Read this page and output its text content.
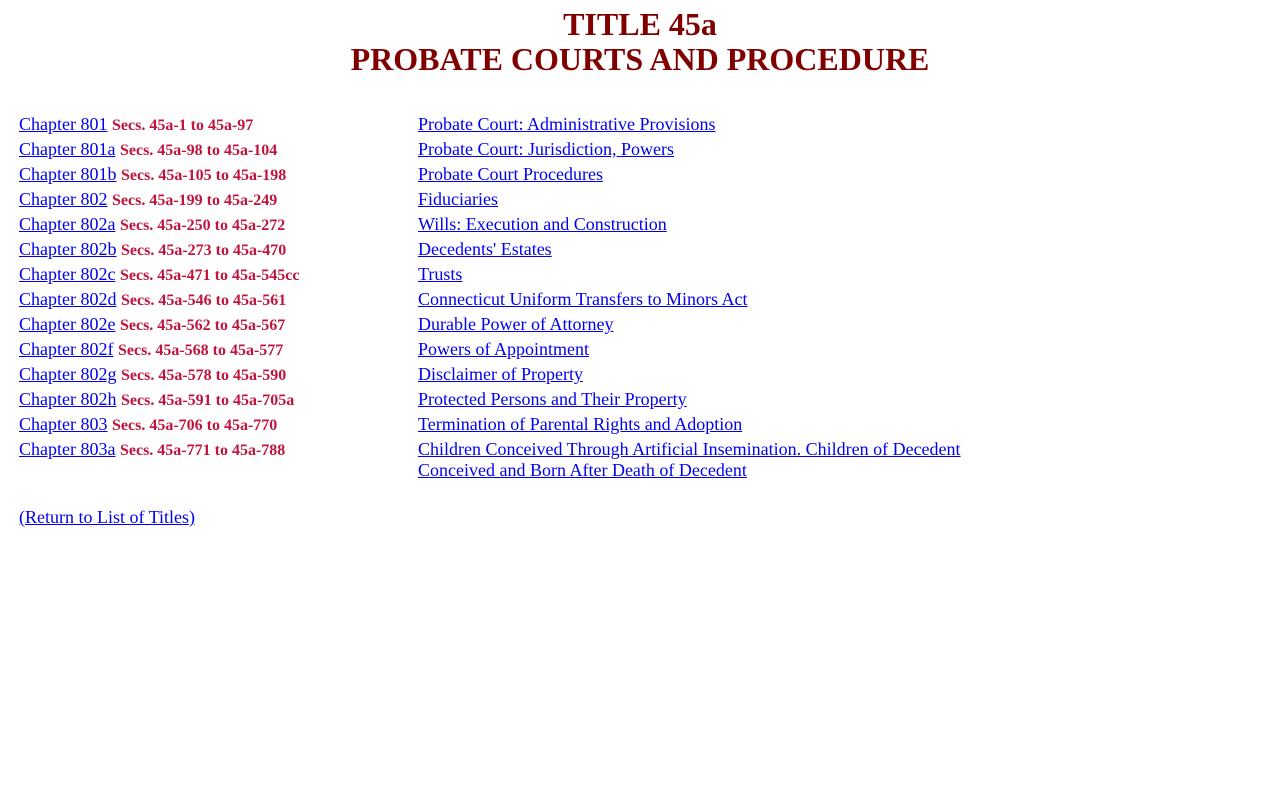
TITLE 45a
PROBATE COURTS AND PROCEDURE
Chapter 801 Secs. 45a-1 to 45a-97	Probate Court: Administrative Provisions
Chapter 801a Secs. 45a-98 to 45a-104	Probate Court: Jurisdiction, Powers
Chapter 801b Secs. 45a-105 to 45a-198	Probate Court Procedures
Chapter 802 Secs. 45a-199 to 45a-249	Fiduciaries
Chapter 802a Secs. 45a-250 to 45a-272	Wills: Execution and Construction
Chapter 802b Secs. 45a-273 to 45a-470	Decedents' Estates
Chapter 802c Secs. 45a-471 to 45a-545cc	Trusts
Chapter 802d Secs. 45a-546 to 45a-561	Connecticut Uniform Transfers to Minors Act
Chapter 802e Secs. 45a-562 to 45a-567	Durable Power of Attorney
Chapter 802f Secs. 45a-568 to 45a-577	Powers of Appointment
Chapter 802g Secs. 45a-578 to 45a-590	Disclaimer of Property
Chapter 802h Secs. 45a-591 to 45a-705a	Protected Persons and Their Property
Chapter 803 Secs. 45a-706 to 45a-770	Termination of Parental Rights and Adoption
Chapter 803a Secs. 45a-771 to 45a-788	Children Conceived Through Artificial Insemination. Children of Decedent Conceived and Born After Death of Decedent
(Return to List of Titles)
